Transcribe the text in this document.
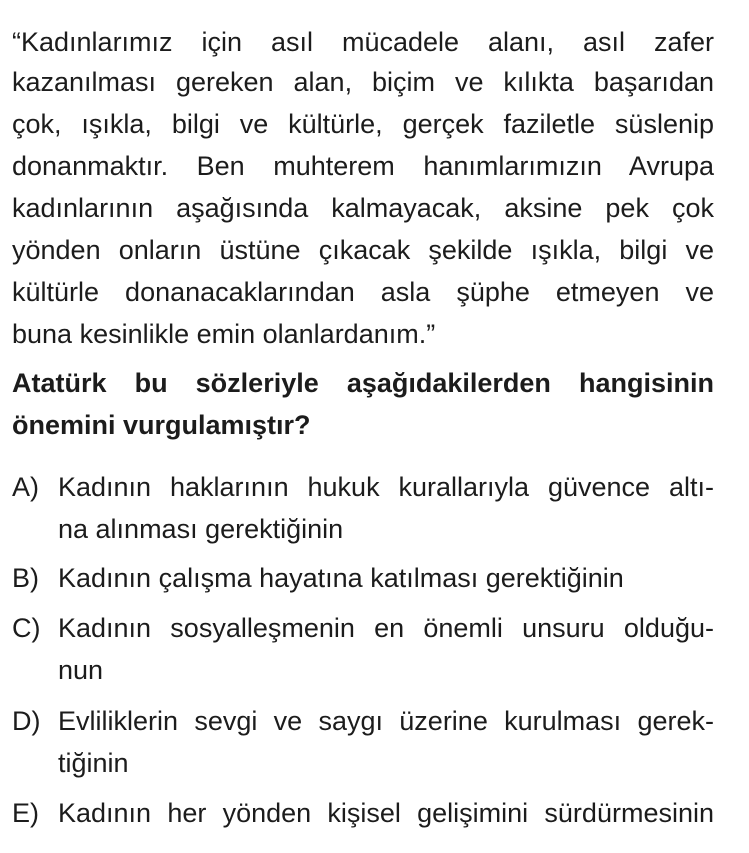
“Kadınlarımız için asıl mücadele alanı, asıl zafer
kazanılması gereken alan, biçim ve kılıkta başarıdan
çok, ışıkla, bilgi ve kültürle, gerçek faziletle süslenip
donanmaktır. Ben muhterem hanımlarımızın Avrupa
kadınlarının aşağısında kalmayacak, aksine pek çok
yönden onların üstüne çıkacak şekilde ışıkla, bilgi ve
kültürle donanacaklarından asla şüphe etmeyen ve
buna kesinlikle emin olanlardanım.”
Atatürk bu sözleriyle aşağıdakilerden hangisinin
önemini vurgulamıştır?
A) Kadının haklarının hukuk kurallarıyla güvence altı-
na alınması gerektiğinin
B) Kadının çalışma hayatına katılması gerektiğinin
C) Kadının sosyalleşmenin en önemli unsuru olduğu-
nun
D) Evliliklerin sevgi ve saygı üzerine kurulması gerek-
tiğinin
E) Kadının her yönden kişisel gelişimini sürdürmesinin
